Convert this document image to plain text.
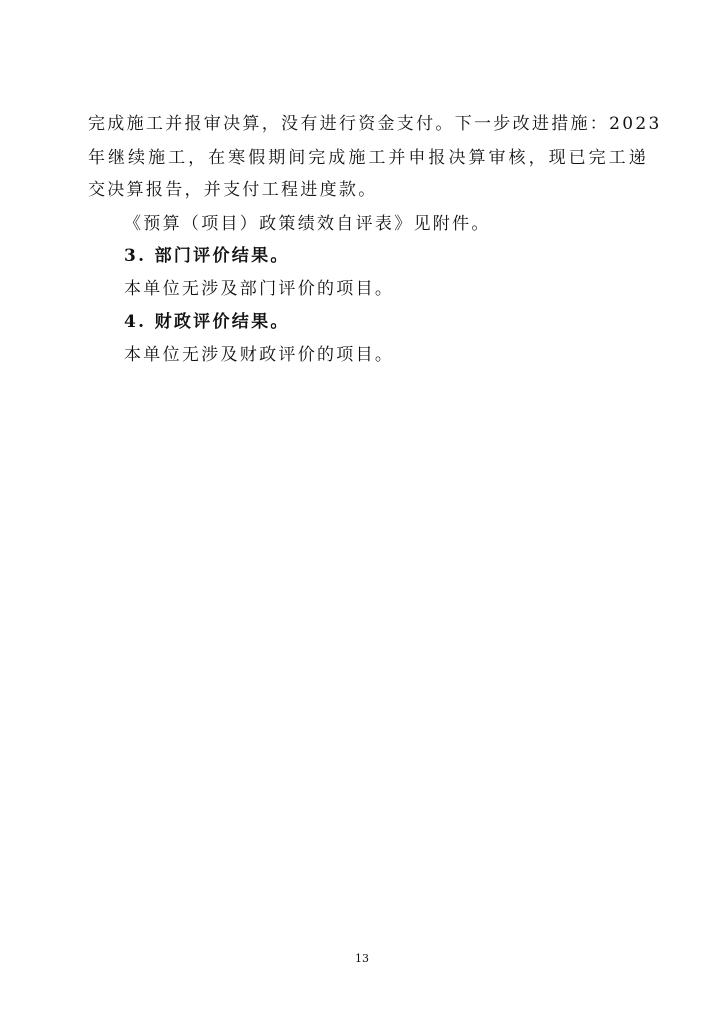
完成施工并报审决算，没有进行资金支付。下一步改进措施：2023
年继续施工，在寒假期间完成施工并申报决算审核，现已完工递
交决算报告，并支付工程进度款。
《预算（项目）政策绩效自评表》见附件。
3. 部门评价结果。
本单位无涉及部门评价的项目。
4. 财政评价结果。
本单位无涉及财政评价的项目。
13
